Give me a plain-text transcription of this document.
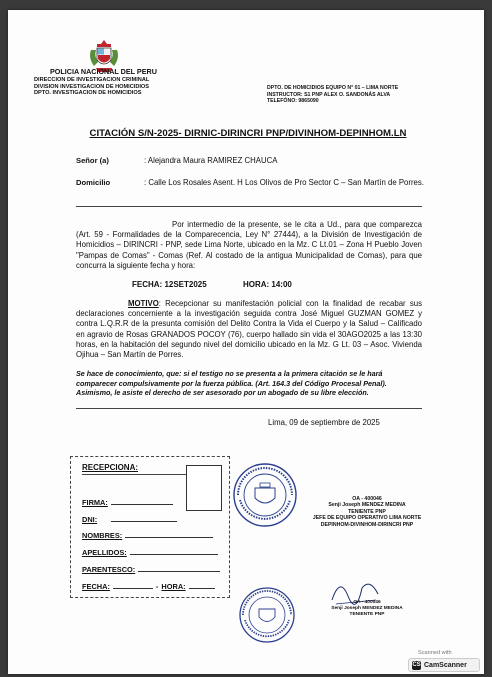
POLICIA NACIONAL DEL PERU
DIRECCION DE INVESTIGACION CRIMINAL
DIVISION INVESTIGACION DE HOMICIDIOS
DPTO. INVESTIGACION DE HOMICIDIOS
DPTO. DE HOMICIDIOS EQUIPO N° 01 – LIMA NORTE
INSTRUCTOR: S1 PNP ALEX O. SANDONÁS ALVA
TELEFÓNO: 9865090
CITACIÓN S/N-2025- DIRNIC-DIRINCRI PNP/DIVINHOM-DEPINHOM.LN
Señor (a)	: Alejandra Maura RAMIREZ CHAUCA
Domicilio	: Calle Los Rosales Asent. H Los Olivos de Pro Sector C – San Martín de Porres.
Por intermedio de la presente, se le cita a Ud., para que comparezca (Art. 59 - Formalidades de la Comparecencia, Ley N° 27444), a la División de Investigación de Homicidios – DIRINCRI - PNP, sede Lima Norte, ubicado en la Mz. C Lt.01 – Zona H Pueblo Joven "Pampas de Comas" - Comas (Ref. Al costado de la antigua Municipalidad de Comas), para que concurra la siguiente fecha y hora:
FECHA: 12SET2025	HORA: 14:00
MOTIVO: Recepcionar su manifestación policial con la finalidad de recabar sus declaraciones concerniente a la investigación seguida contra José Miguel GUZMAN GOMEZ y contra L.Q.R.R de la presunta comisión del Delito Contra la Vida el Cuerpo y la Salud – Calificado en agravio de Rosas GRANADOS POCOY (76), cuerpo hallado sin vida el 30AGO2025 a las 13:30 horas, en la habitación del segundo nivel del domicilio ubicado en la Mz. G Lt. 03 – Asoc. Vivienda Ojihua – San Martín de Porres.
Se hace de conocimiento, que: si el testigo no se presenta a la primera citación se le hará comparecer compulsivamente por la fuerza pública. (Art. 164.3 del Código Procesal Penal).
Asimismo, le asiste el derecho de ser asesorado por un abogado de su libre elección.
Lima, 09 de septiembre de 2025
RECEPCIONA:
FIRMA:
DNI:
NOMBRES:
APELLIDOS:
PARENTESCO:
FECHA:	- HORA:
OA - 400046
Senji Joseph MENDEZ MEDINA
TENIENTE PNP
JEFE DE EQUIPO OPERATIVO LIMA NORTE
DEPINHOM-DIVINHOM-DIRINCRI PNP
OA - 400046
Senji Joseph MENDEZ MEDINA
TENIENTE PNP
Scanned with
CS CamScanner
